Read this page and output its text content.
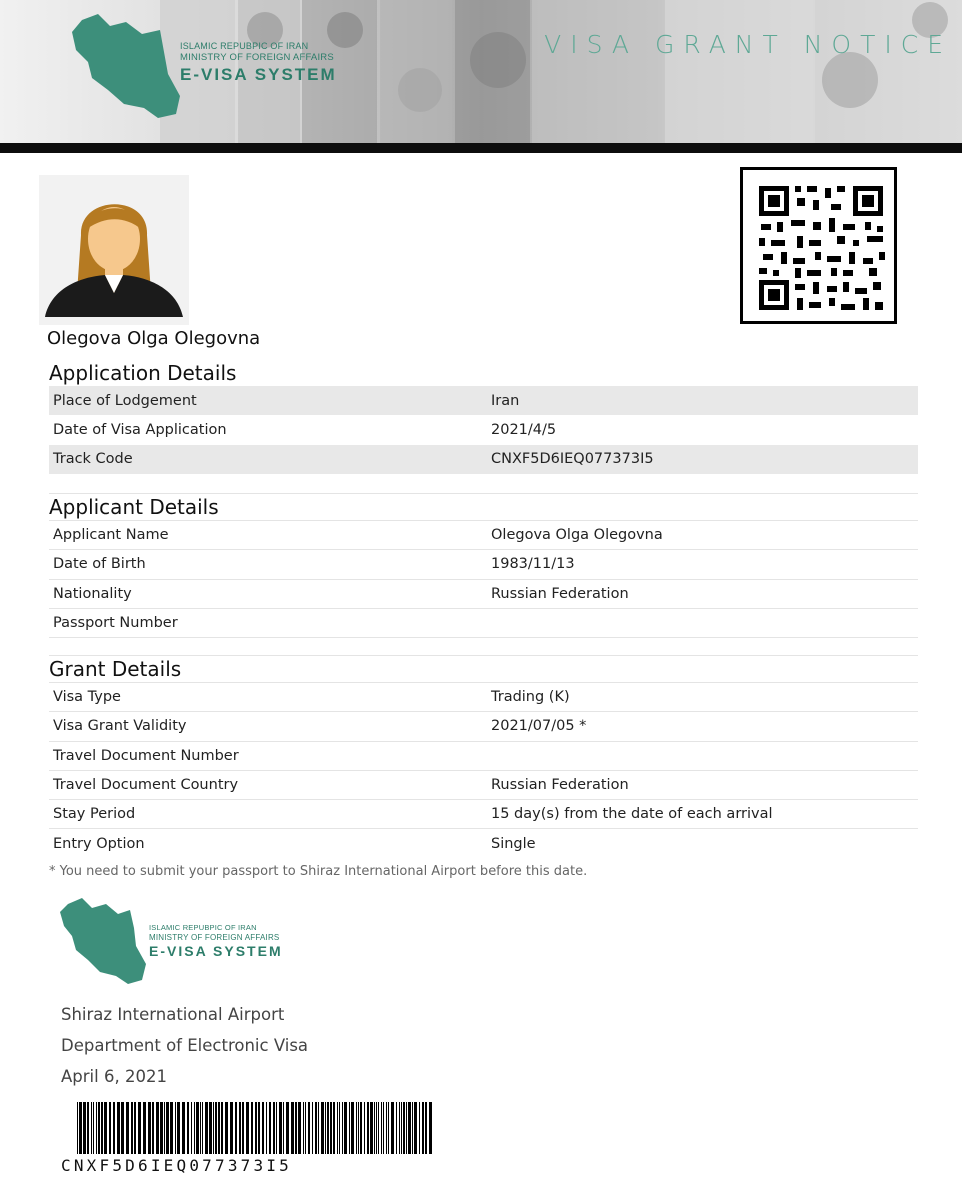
ISLAMIC REPUBPIC OF IRAN
MINISTRY OF FOREIGN AFFAIRS
E-VISA SYSTEM
VISA GRANT NOTICE
Olegova Olga Olegovna
Application Details
Place of Lodgement	Iran
Date of Visa Application	2021/4/5
Track Code	CNXF5D6IEQ077373I5
Applicant Details
Applicant Name	Olegova Olga Olegovna
Date of Birth	1983/11/13
Nationality	Russian Federation
Passport Number
Grant Details
Visa Type	Trading (K)
Visa Grant Validity	2021/07/05 *
Travel Document Number
Travel Document Country	Russian Federation
Stay Period	15 day(s) from the date of each arrival
Entry Option	Single
* You need to submit your passport to Shiraz International Airport before this date.
ISLAMIC REPUBPIC OF IRAN
MINISTRY OF FOREIGN AFFAIRS
E-VISA SYSTEM
Shiraz International Airport
Department of Electronic Visa
April 6, 2021
CNXF5D6IEQ077373I5
